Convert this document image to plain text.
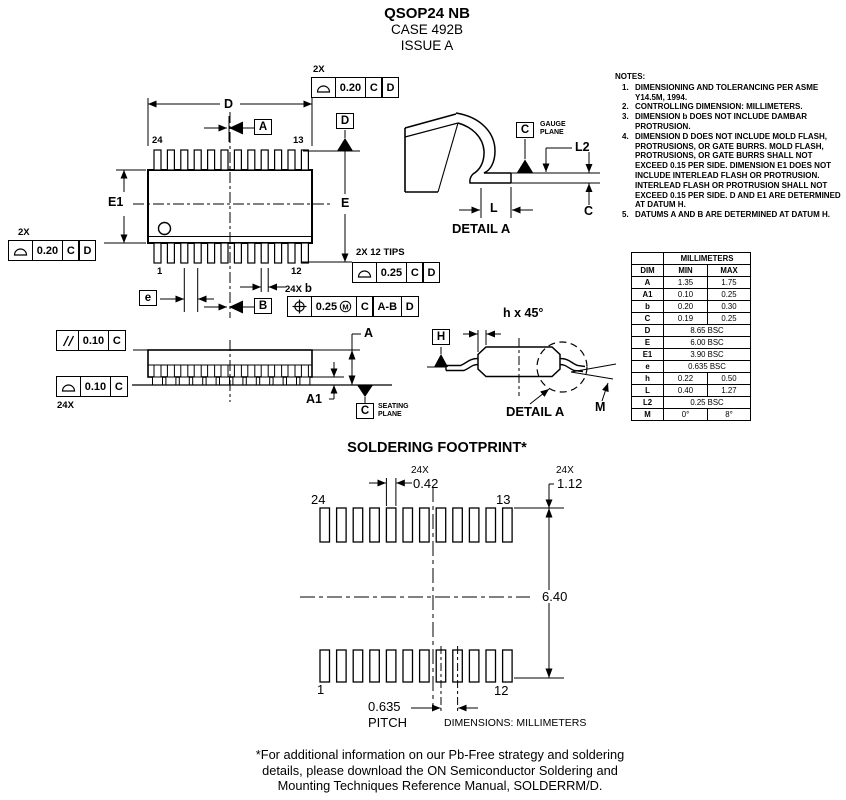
QSOP24 NB
CASE 492B
ISSUE A
2X
0.20 C D
D
A	D
24	13
E
E1
2X
0.20 C D
1	12
2X 12 TIPS
0.25 C D
e
24X b
B	0.25 M	C A-B D
0.10 C
0.10 C
24X
A
A1
C	SEATING
PLANE
C	GAUGE
PLANE
L2
L	C
DETAIL A
H
h x 45°
M
DETAIL A
SOLDERING FOOTPRINT*
24X
0.42
24X
1.12
24	13
6.40
1	12
0.635
PITCH	DIMENSIONS: MILLIMETERS
NOTES:
1. DIMENSIONING AND TOLERANCING PER ASME Y14.5M, 1994.
2. CONTROLLING DIMENSION: MILLIMETERS.
3. DIMENSION b DOES NOT INCLUDE DAMBAR PROTRUSION.
4. DIMENSION D DOES NOT INCLUDE MOLD FLASH, PROTRUSIONS, OR GATE BURRS. MOLD FLASH, PROTRUSIONS, OR GATE BURRS SHALL NOT EXCEED 0.15 PER SIDE. DIMENSION E1 DOES NOT INCLUDE INTERLEAD FLASH OR PROTRUSION. INTERLEAD FLASH OR PROTRUSION SHALL NOT EXCEED 0.15 PER SIDE. D AND E1 ARE DETERMINED AT DATUM H.
5. DATUMS A AND B ARE DETERMINED AT DATUM H.
	MILLIMETERS	
DIM	MIN	MAX
A	1.35	1.75
A1	0.10	0.25
b	0.20	0.30
C	0.19	0.25
D	8.65 BSC	
E	6.00 BSC	
E1	3.90 BSC	
e	0.635 BSC	
h	0.22	0.50
L	0.40	1.27
L2	0.25 BSC	
M	0°	8°
*For additional information on our Pb-Free strategy and soldering
details, please download the ON Semiconductor Soldering and
Mounting Techniques Reference Manual, SOLDERRM/D.
